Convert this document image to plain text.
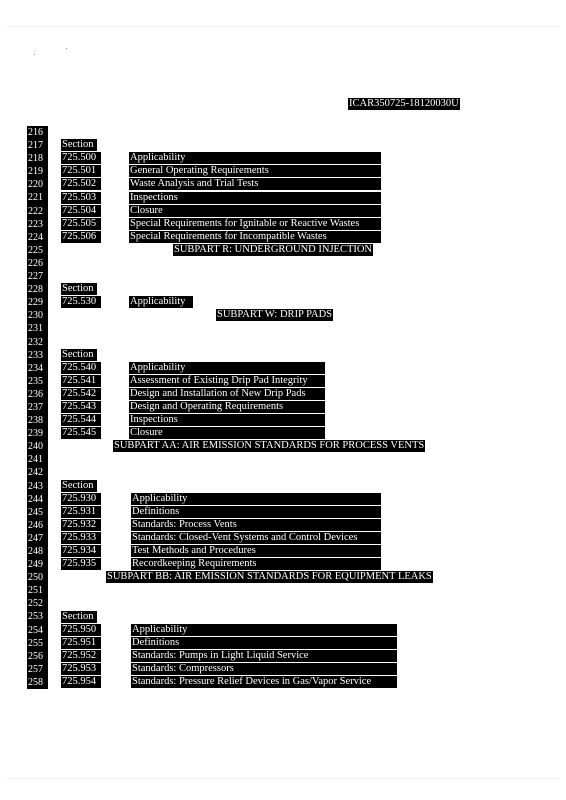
ICAR350725-18120030U
216
217
218
219
220
221
222
223
224
225
226
227
228
229
230
231
232
233
234
235
236
237
238
239
240
241
242
243
244
245
246
247
248
249
250
251
252
253
254
255
256
257
258
Section
725.500	Applicability
725.501	General Operating Requirements
725.502	Waste Analysis and Trial Tests
725.503	Inspections
725.504	Closure
725.505	Special Requirements for Ignitable or Reactive Wastes
725.506	Special Requirements for Incompatible Wastes
SUBPART R: UNDERGROUND INJECTION
Section
725.530	Applicability
SUBPART W: DRIP PADS
Section
725.540	Applicability
725.541	Assessment of Existing Drip Pad Integrity
725.542	Design and Installation of New Drip Pads
725.543	Design and Operating Requirements
725.544	Inspections
725.545	Closure
SUBPART AA: AIR EMISSION STANDARDS FOR PROCESS VENTS
Section
725.930	Applicability
725.931	Definitions
725.932	Standards: Process Vents
725.933	Standards: Closed-Vent Systems and Control Devices
725.934	Test Methods and Procedures
725.935	Recordkeeping Requirements
SUBPART BB: AIR EMISSION STANDARDS FOR EQUIPMENT LEAKS
Section
725.950	Applicability
725.951	Definitions
725.952	Standards: Pumps in Light Liquid Service
725.953	Standards: Compressors
725.954	Standards: Pressure Relief Devices in Gas/Vapor Service
